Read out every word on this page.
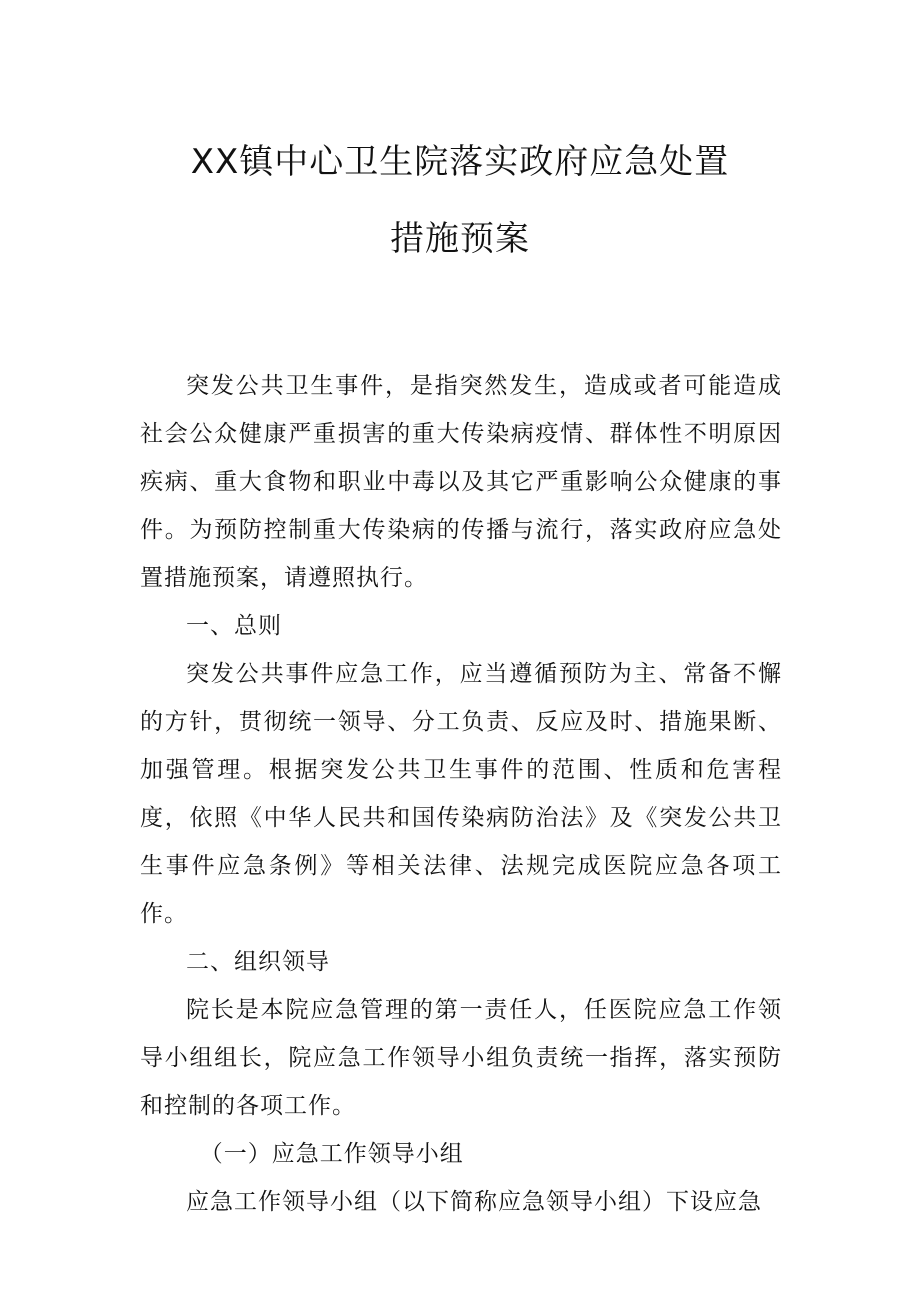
XX镇中心卫生院落实政府应急处置
措施预案

突发公共卫生事件，是指突然发生，造成或者可能造成社会公众健康严重损害的重大传染病疫情、群体性不明原因疾病、重大食物和职业中毒以及其它严重影响公众健康的事件。为预防控制重大传染病的传播与流行，落实政府应急处置措施预案，请遵照执行。

一、总则

突发公共事件应急工作，应当遵循预防为主、常备不懈的方针，贯彻统一领导、分工负责、反应及时、措施果断、加强管理。根据突发公共卫生事件的范围、性质和危害程度，依照《中华人民共和国传染病防治法》及《突发公共卫生事件应急条例》等相关法律、法规完成医院应急各项工作。

二、组织领导

院长是本院应急管理的第一责任人，任医院应急工作领导小组组长，院应急工作领导小组负责统一指挥，落实预防和控制的各项工作。

（一）应急工作领导小组

应急工作领导小组（以下简称应急领导小组）下设应急
